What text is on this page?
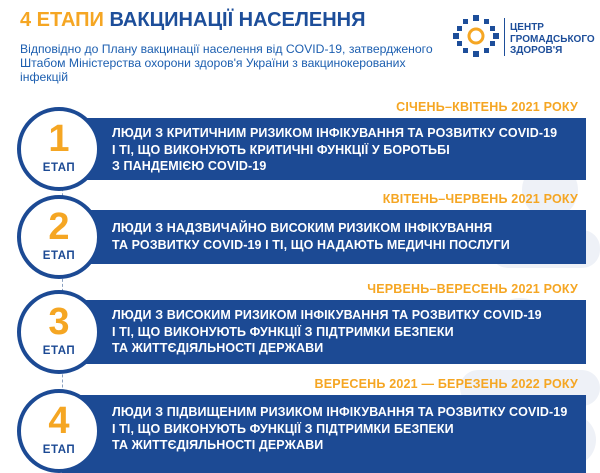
4 ЕТАПИ ВАКЦИНАЦІЇ НАСЕЛЕННЯ
Відповідно до Плану вакцинації населення від COVID-19, затвердженого Штабом Міністерства охорони здоров'я України з вакцинокерованих інфекцій
ЦЕНТР
ГРОМАДСЬКОГО
ЗДОРОВ'Я
СІЧЕНЬ–КВІТЕНЬ 2021 РОКУ
ЛЮДИ З КРИТИЧНИМ РИЗИКОМ ІНФІКУВАННЯ ТА РОЗВИТКУ COVID-19
І ТІ, ЩО ВИКОНУЮТЬ КРИТИЧНІ ФУНКЦІЇ У БОРОТЬБІ
З ПАНДЕМІЄЮ COVID-19
1
ЕТАП
КВІТЕНЬ–ЧЕРВЕНЬ 2021 РОКУ
ЛЮДИ З НАДЗВИЧАЙНО ВИСОКИМ РИЗИКОМ ІНФІКУВАННЯ
ТА РОЗВИТКУ COVID-19 І ТІ, ЩО НАДАЮТЬ МЕДИЧНІ ПОСЛУГИ
2
ЕТАП
ЧЕРВЕНЬ–ВЕРЕСЕНЬ 2021 РОКУ
ЛЮДИ З ВИСОКИМ РИЗИКОМ ІНФІКУВАННЯ ТА РОЗВИТКУ COVID-19
І ТІ, ЩО ВИКОНУЮТЬ ФУНКЦІЇ З ПІДТРИМКИ БЕЗПЕКИ
ТА ЖИТТЄДІЯЛЬНОСТІ ДЕРЖАВИ
3
ЕТАП
ВЕРЕСЕНЬ 2021 — БЕРЕЗЕНЬ 2022 РОКУ
ЛЮДИ З ПІДВИЩЕНИМ РИЗИКОМ ІНФІКУВАННЯ ТА РОЗВИТКУ COVID-19
І ТІ, ЩО ВИКОНУЮТЬ ФУНКЦІЇ З ПІДТРИМКИ БЕЗПЕКИ
ТА ЖИТТЄДІЯЛЬНОСТІ ДЕРЖАВИ
4
ЕТАП
